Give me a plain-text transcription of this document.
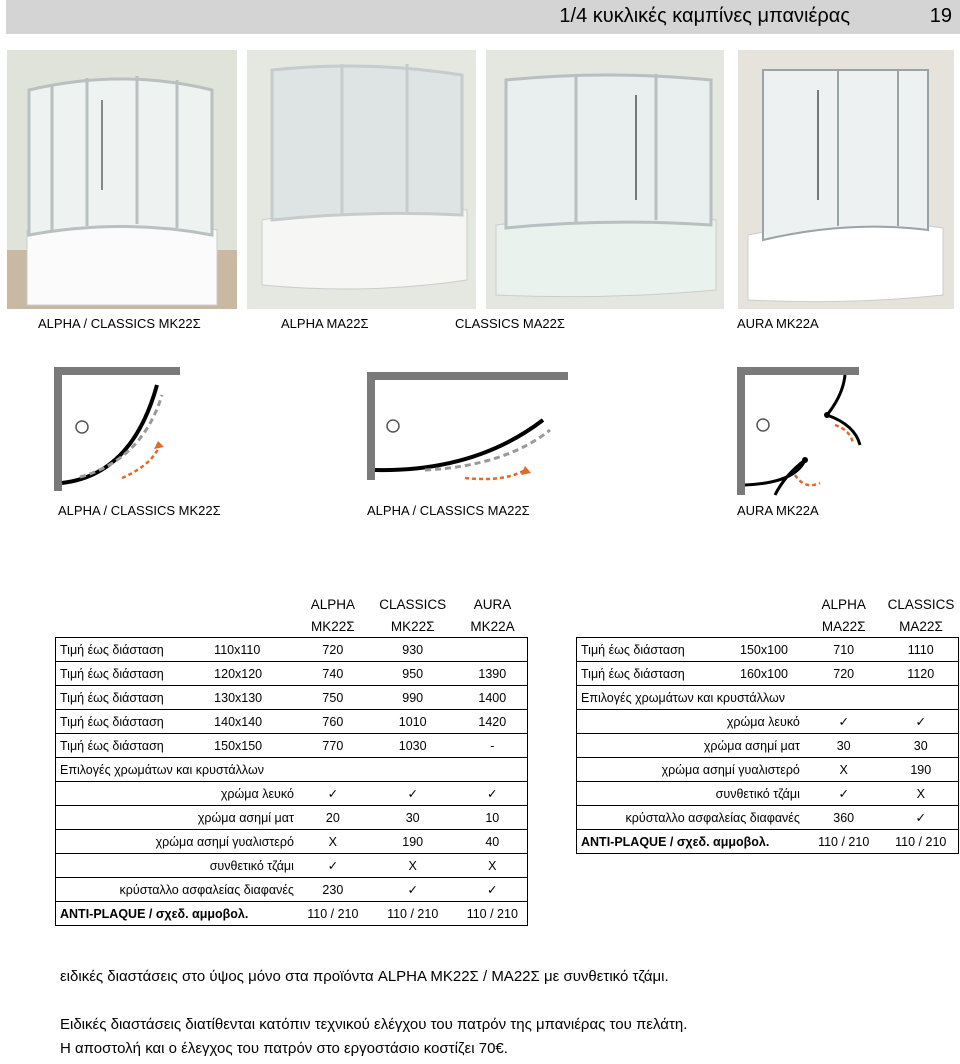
1/4 κυκλικές καμπίνες μπανιέρας	19
ALPHA / CLASSICS MK22Σ	ALPHA MA22Σ	CLASSICS MA22Σ	AURA MK22A
ALPHA / CLASSICS MK22Σ	ALPHA / CLASSICS MA22Σ	AURA MK22A
		ALPHA	CLASSICS	AURA
		MK22Σ	MK22Σ	MK22A
Τιμή έως διάσταση	110x110	720	930	
Τιμή έως διάσταση	120x120	740	950	1390
Τιμή έως διάσταση	130x130	750	990	1400
Τιμή έως διάσταση	140x140	760	1010	1420
Τιμή έως διάσταση	150x150	770	1030	-
Επιλογές χρωμάτων και κρυστάλλων				
χρώμα λευκό		✓	✓	✓
χρώμα ασημί ματ		20	30	10
χρώμα ασημί γυαλιστερό		X	190	40
συνθετικό τζάμι		✓	X	X
κρύσταλλο ασφαλείας διαφανές		230	✓	✓
ANTI-PLAQUE / σχεδ. αμμοβολ.		110 / 210	110 / 210	110 / 210
		ALPHA	CLASSICS
		MA22Σ	MA22Σ
Τιμή έως διάσταση	150x100	710	1110
Τιμή έως διάσταση	160x100	720	1120
Επιλογές χρωμάτων και κρυστάλλων			
χρώμα λευκό		✓	✓
χρώμα ασημί ματ		30	30
χρώμα ασημί γυαλιστερό		X	190
συνθετικό τζάμι		✓	X
κρύσταλλο ασφαλείας διαφανές		360	✓
ANTI-PLAQUE / σχεδ. αμμοβολ.		110 / 210	110 / 210
ειδικές διαστάσεις στο ύψος μόνο στα προϊόντα ALPHA MK22Σ / MA22Σ με συνθετικό τζάμι.
Ειδικές διαστάσεις διατίθενται κατόπιν τεχνικού ελέγχου του πατρόν της μπανιέρας του πελάτη.
Η αποστολή και ο έλεγχος του πατρόν στο εργοστάσιο κοστίζει 70€.
